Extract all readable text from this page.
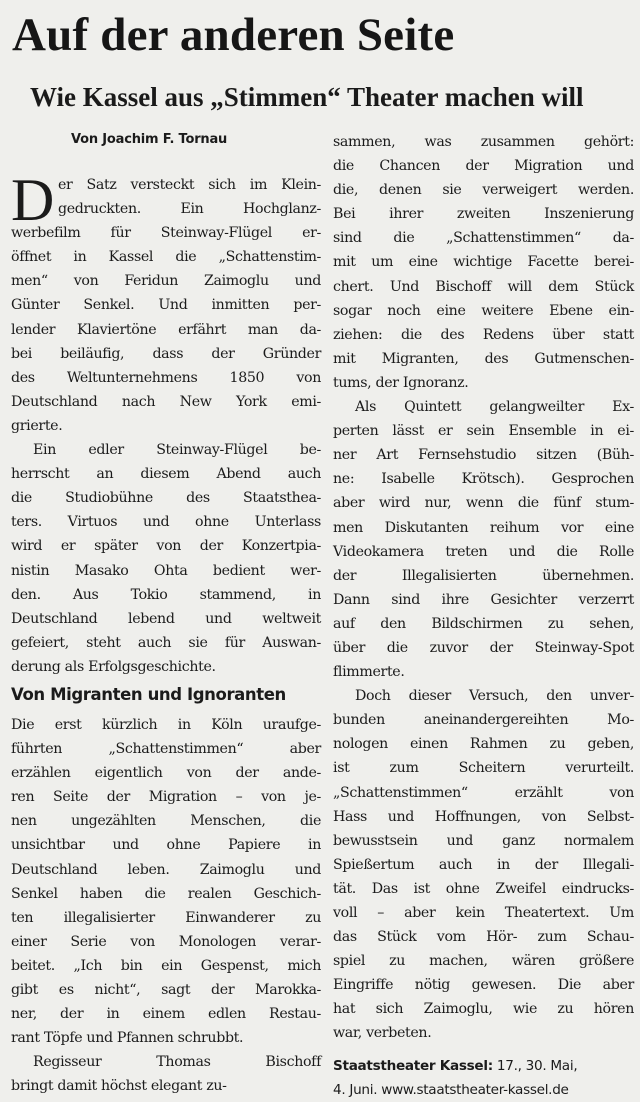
Auf der anderen Seite
Wie Kassel aus „Stimmen“ Theater machen will
Von Joachim F. Tornau

D er Satz versteckt sich im Klein-
gedruckten. Ein Hochglanz-
werbefilm für Steinway-Flügel er-
öffnet in Kassel die „Schattenstim-
men“ von Feridun Zaimoglu und
Günter Senkel. Und inmitten per-
lender Klaviertöne erfährt man da-
bei beiläufig, dass der Gründer
des Weltunternehmens 1850 von
Deutschland nach New York emi-
grierte.

Ein edler Steinway-Flügel be-
herrscht an diesem Abend auch
die Studiobühne des Staatsthea-
ters. Virtuos und ohne Unterlass
wird er später von der Konzertpia-
nistin Masako Ohta bedient wer-
den. Aus Tokio stammend, in
Deutschland lebend und weltweit
gefeiert, steht auch sie für Auswan-
derung als Erfolgsgeschichte.

Von Migranten und Ignoranten

Die erst kürzlich in Köln uraufge-
führten „Schattenstimmen“ aber
erzählen eigentlich von der ande-
ren Seite der Migration – von je-
nen ungezählten Menschen, die
unsichtbar und ohne Papiere in
Deutschland leben. Zaimoglu und
Senkel haben die realen Geschich-
ten illegalisierter Einwanderer zu
einer Serie von Monologen verar-
beitet. „Ich bin ein Gespenst, mich
gibt es nicht“, sagt der Marokka-
ner, der in einem edlen Restau-
rant Töpfe und Pfannen schrubbt.

Regisseur Thomas Bischoff
bringt damit höchst elegant zu-

sammen, was zusammen gehört:
die Chancen der Migration und
die, denen sie verweigert werden.
Bei ihrer zweiten Inszenierung
sind die „Schattenstimmen“ da-
mit um eine wichtige Facette berei-
chert. Und Bischoff will dem Stück
sogar noch eine weitere Ebene ein-
ziehen: die des Redens über statt
mit Migranten, des Gutmenschen-
tums, der Ignoranz.

Als Quintett gelangweilter Ex-
perten lässt er sein Ensemble in ei-
ner Art Fernsehstudio sitzen (Büh-
ne: Isabelle Krötsch). Gesprochen
aber wird nur, wenn die fünf stum-
men Diskutanten reihum vor eine
Videokamera treten und die Rolle
der Illegalisierten übernehmen.
Dann sind ihre Gesichter verzerrt
auf den Bildschirmen zu sehen,
über die zuvor der Steinway-Spot
flimmerte.

Doch dieser Versuch, den unver-
bunden aneinandergereihten Mo-
nologen einen Rahmen zu geben,
ist zum Scheitern verurteilt.
„Schattenstimmen“ erzählt von
Hass und Hoffnungen, von Selbst-
bewusstsein und ganz normalem
Spießertum auch in der Illegali-
tät. Das ist ohne Zweifel eindrucks-
voll – aber kein Theatertext. Um
das Stück vom Hör- zum Schau-
spiel zu machen, wären größere
Eingriffe nötig gewesen. Die aber
hat sich Zaimoglu, wie zu hören
war, verbeten.

Staatstheater Kassel: 17., 30. Mai,
4. Juni. www.staatstheater-kassel.de
